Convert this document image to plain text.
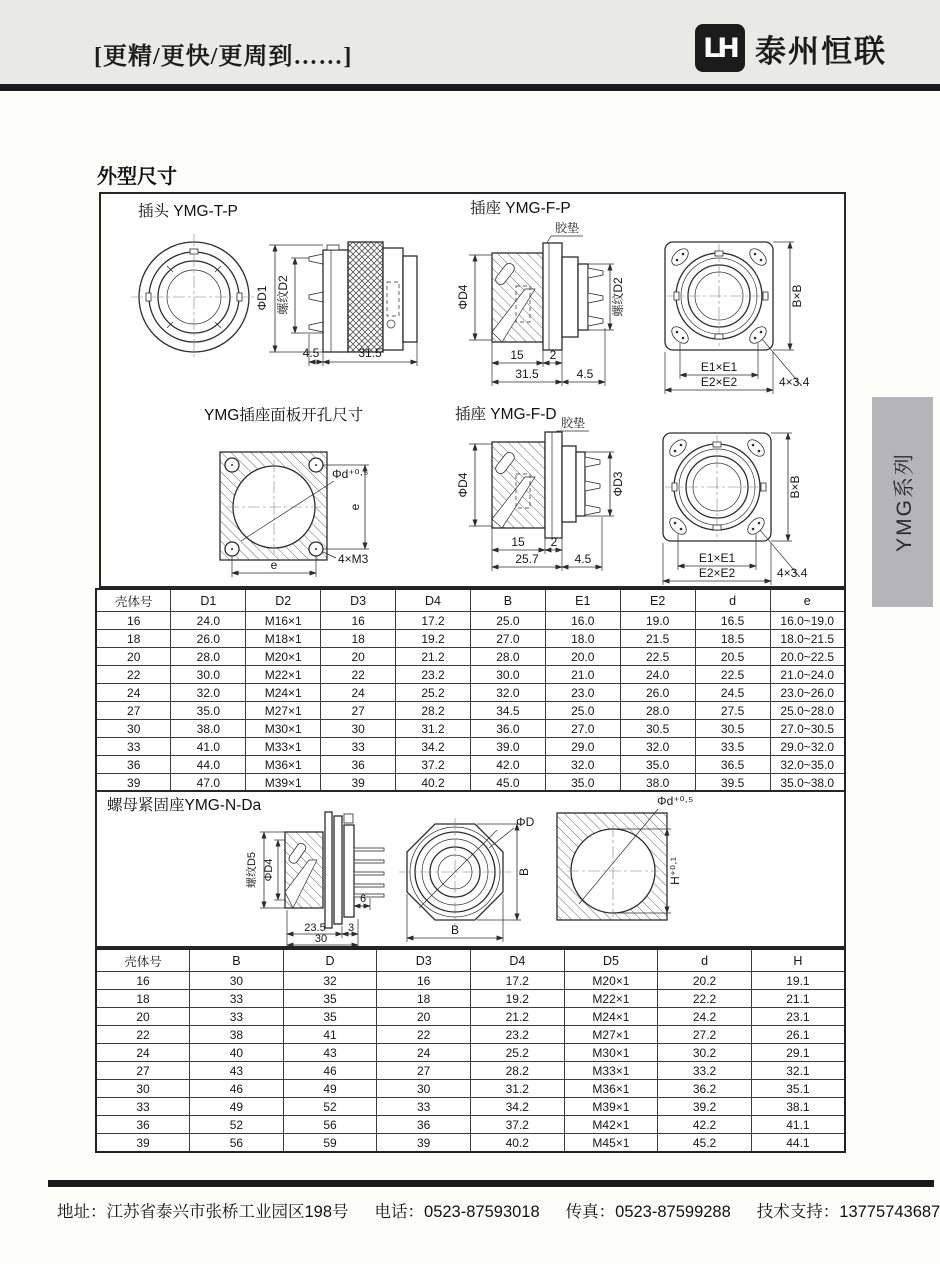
[更精/更快/更周到……]	LH 泰州恒联
YMG系列
外型尺寸
插头 YMG-T-P
ΦD1 螺纹D2
4.5	31.5
插座 YMG-F-P
胶垫
ΦD4	螺纹D2
15 2
31.5	4.5
B×B
E1×E1
E2×E2	4×3.4
YMG插座面板开孔尺寸
Φd⁺⁰·⁵
e
4×M3
e
插座 YMG-F-D 胶垫
ΦD4	ΦD3
15 2
25.7	4.5
B×B
E1×E1
E2×E2	4×3.4
壳体号	D1	D2	D3	D4	B	E1	E2	d	e
16	24.0	M16×1	16	17.2	25.0	16.0	19.0	16.5	16.0~19.0
18	26.0	M18×1	18	19.2	27.0	18.0	21.5	18.5	18.0~21.5
20	28.0	M20×1	20	21.2	28.0	20.0	22.5	20.5	20.0~22.5
22	30.0	M22×1	22	23.2	30.0	21.0	24.0	22.5	21.0~24.0
24	32.0	M24×1	24	25.2	32.0	23.0	26.0	24.5	23.0~26.0
27	35.0	M27×1	27	28.2	34.5	25.0	28.0	27.5	25.0~28.0
30	38.0	M30×1	30	31.2	36.0	27.0	30.5	30.5	27.0~30.5
33	41.0	M33×1	33	34.2	39.0	29.0	32.0	33.5	29.0~32.0
36	44.0	M36×1	36	37.2	42.0	32.0	35.0	36.5	32.0~35.0
39	47.0	M39×1	39	40.2	45.0	35.0	38.0	39.5	35.0~38.0
螺母紧固座YMG-N-Da
螺纹D5 ΦD4
6
23.5 3
30
ΦD
B
B
Φd⁺⁰·⁵
H⁺⁰·¹
壳体号	B	D	D3	D4	D5	d	H
16	30	32	16	17.2	M20×1	20.2	19.1
18	33	35	18	19.2	M22×1	22.2	21.1
20	33	35	20	21.2	M24×1	24.2	23.1
22	38	41	22	23.2	M27×1	27.2	26.1
24	40	43	24	25.2	M30×1	30.2	29.1
27	43	46	27	28.2	M33×1	33.2	32.1
30	46	49	30	31.2	M36×1	36.2	35.1
33	49	52	33	34.2	M39×1	39.2	38.1
36	52	56	36	37.2	M42×1	42.2	41.1
39	56	59	39	40.2	M45×1	45.2	44.1
地址：江苏省泰兴市张桥工业园区198号 电话：0523-87593018 传真：0523-87599288 技术支持：13775743687
